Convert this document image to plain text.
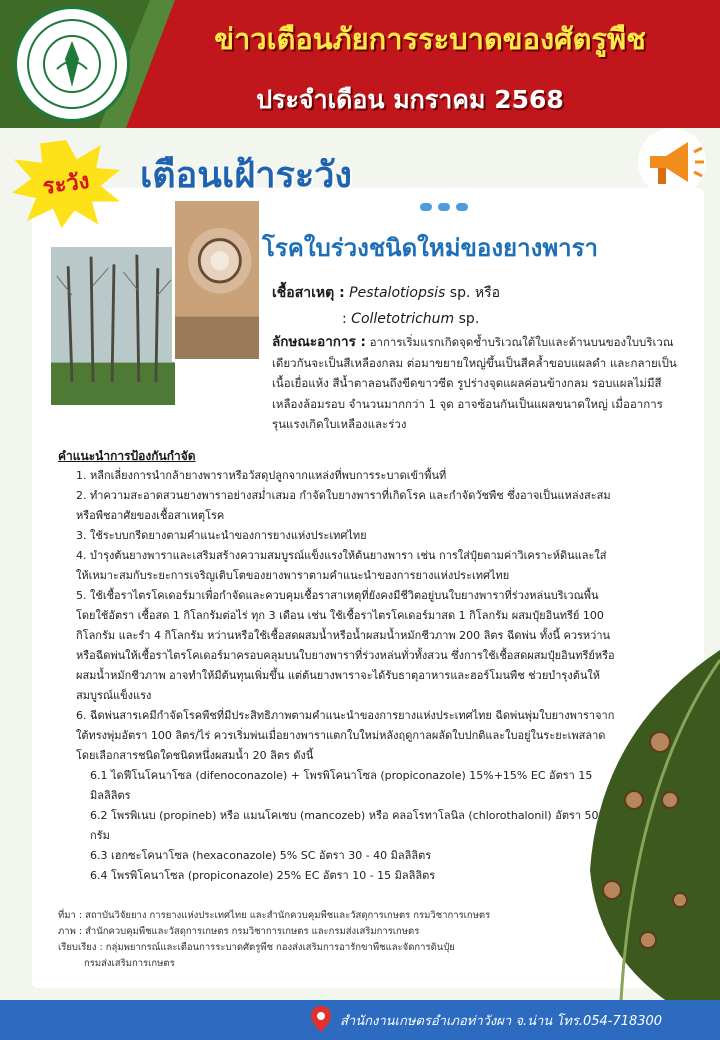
ข่าวเตือนภัยการระบาดของศัตรูพืช
ประจำเดือน มกราคม 2568
ระวัง	เตือนเฝ้าระวัง
โรคใบร่วงชนิดใหม่ของยางพารา
เชื้อสาเหตุ : Pestalotiopsis sp. หรือ
: Colletotrichum sp.
ลักษณะอาการ : อาการเริ่มแรกเกิดจุดช้ำบริเวณใต้ใบและด้านบนของใบบริเวณเดียวกันจะเป็นสีเหลืองกลม ต่อมาขยายใหญ่ขึ้นเป็นสีคล้ำขอบแผลดำ และกลายเป็นเนื้อเยื่อแห้ง สีน้ำตาลอนถึงขีดขาวซีด รูปร่างจุดแผลค่อนข้างกลม รอบแผลไม่มีสีเหลืองล้อมรอบ จำนวนมากกว่า 1 จุด อาจซ้อนกันเป็นแผลขนาดใหญ่ เมื่ออาการรุนแรงเกิดใบเหลืองและร่วง
คำแนะนำการป้องกันกำจัด
1. หลีกเลี่ยงการนำกล้ายางพาราหรือวัสดุปลูกจากแหล่งที่พบการระบาดเข้าพื้นที่
2. ทำความสะอาดสวนยางพาราอย่างสม่ำเสมอ กำจัดใบยางพาราที่เกิดโรค และกำจัดวัชพืช ซึ่งอาจเป็นแหล่งสะสมหรือพืชอาศัยของเชื้อสาเหตุโรค
3. ใช้ระบบกรีดยางตามคำแนะนำของการยางแห่งประเทศไทย
4. บำรุงต้นยางพาราและเสริมสร้างความสมบูรณ์แข็งแรงให้ต้นยางพารา เช่น การใส่ปุ๋ยตามค่าวิเคราะห์ดินและใส่ให้เหมาะสมกับระยะการเจริญเติบโตของยางพาราตามคำแนะนำของการยางแห่งประเทศไทย
5. ใช้เชื้อราไตรโคเดอร์มาเพื่อกำจัดและควบคุมเชื้อราสาเหตุที่ยังคงมีชีวิตอยู่บนใบยางพาราที่ร่วงหล่นบริเวณพื้น โดยใช้อัตรา เชื้อสด 1 กิโลกรัมต่อไร่ ทุก 3 เดือน เช่น ใช้เชื้อราไตรโคเดอร์มาสด 1 กิโลกรัม ผสมปุ๋ยอินทรีย์ 100 กิโลกรัม และรำ 4 กิโลกรัม หว่านหรือใช้เชื้อสดผสมน้ำหรือน้ำผสมน้ำหมักชีวภาพ 200 ลิตร ฉีดพ่น ทั้งนี้ ควรหว่านหรือฉีดพ่นให้เชื้อราไตรโคเดอร์มาครอบคลุมบนใบยางพาราที่ร่วงหล่นทั่วทั้งสวน ซึ่งการใช้เชื้อสดผสมปุ๋ยอินทรีย์หรือผสมน้ำหมักชีวภาพ อาจทำให้มีต้นทุนเพิ่มขึ้น แต่ต้นยางพาราจะได้รับธาตุอาหารและฮอร์โมนพืช ช่วยบำรุงต้นให้สมบูรณ์แข็งแรง
6. ฉีดพ่นสารเคมีกำจัดโรคพืชที่มีประสิทธิภาพตามคำแนะนำของการยางแห่งประเทศไทย ฉีดพ่นพุ่มใบยางพาราจากใต้ทรงพุ่มอัตรา 100 ลิตร/ไร่ ควรเริ่มพ่นเมื่อยางพาราแตกใบใหม่หลังฤดูกาลผลัดใบปกติและใบอยู่ในระยะเพสลาด โดยเลือกสารชนิดใดชนิดหนึ่งผสมน้ำ 20 ลิตร ดังนี้
6.1 ไดฟีโนโคนาโซล (difenoconazole) + โพรพิโคนาโซล (propiconazole) 15%+15% EC อัตรา 15 มิลลิลิตร
6.2 โพรพิเนบ (propineb) หรือ แมนโคเซบ (mancozeb) หรือ คลอโรทาโลนิล (chlorothalonil) อัตรา 50 กรัม
6.3 เฮกซะโคนาโซล (hexaconazole) 5% SC อัตรา 30 - 40 มิลลิลิตร
6.4 โพรพิโคนาโซล (propiconazole) 25% EC อัตรา 10 - 15 มิลลิลิตร
ที่มา : สถาบันวิจัยยาง การยางแห่งประเทศไทย และสำนักควบคุมพืชและวัสดุการเกษตร กรมวิชาการเกษตร
ภาพ : สำนักควบคุมพืชและวัสดุการเกษตร กรมวิชาการเกษตร และกรมส่งเสริมการเกษตร
เรียบเรียง : กลุ่มพยากรณ์และเตือนการระบาดศัตรูพืช กองส่งเสริมการอารักขาพืชและจัดการดินปุ๋ย
กรมส่งเสริมการเกษตร
สำนักงานเกษตรอำเภอท่าวังผา จ.น่าน โทร.054-718300
